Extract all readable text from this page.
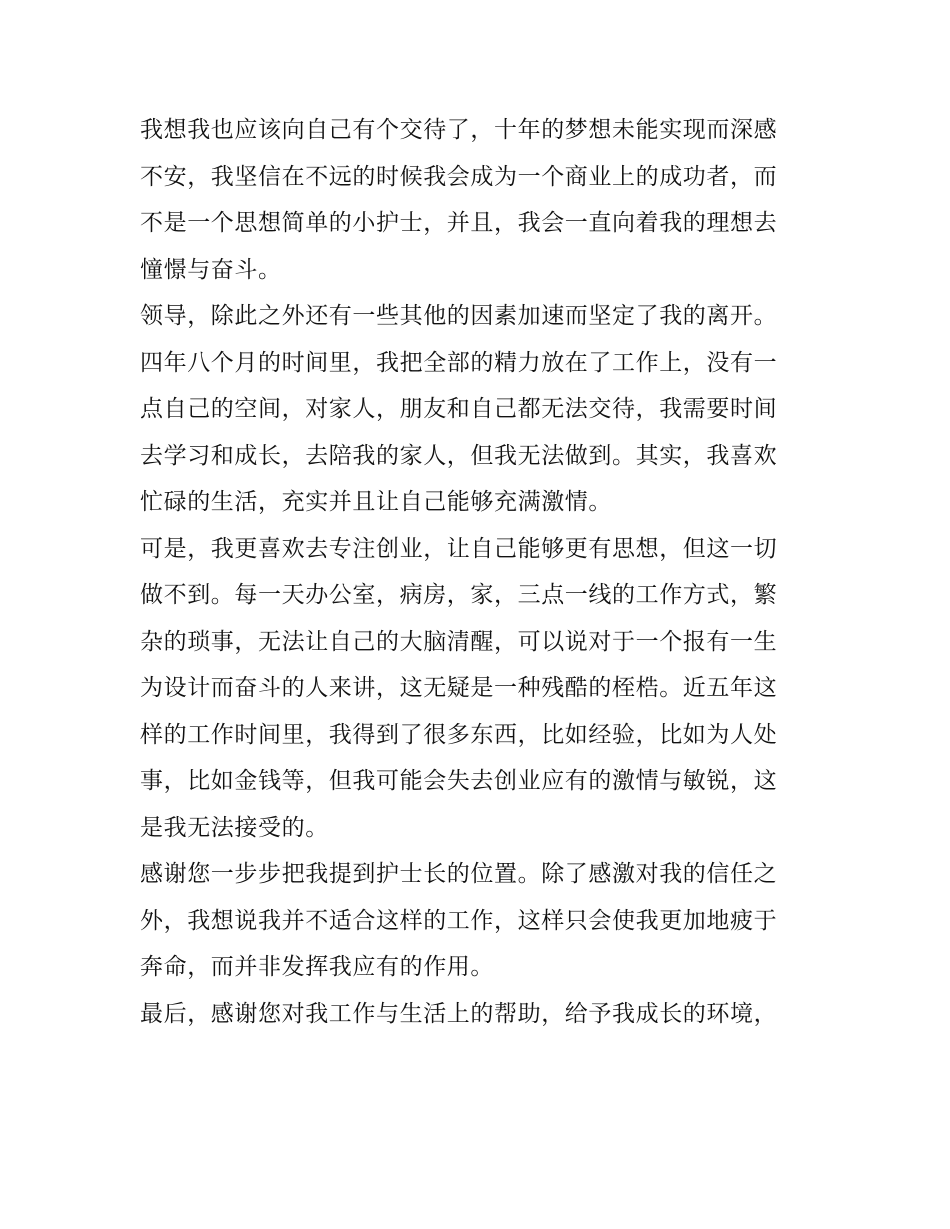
我想我也应该向自己有个交待了，十年的梦想未能实现而深感
不安，我坚信在不远的时候我会成为一个商业上的成功者，而
不是一个思想简单的小护士，并且，我会一直向着我的理想去
憧憬与奋斗。

领导，除此之外还有一些其他的因素加速而坚定了我的离开。
四年八个月的时间里，我把全部的精力放在了工作上，没有一
点自己的空间，对家人，朋友和自己都无法交待，我需要时间
去学习和成长，去陪我的家人，但我无法做到。其实，我喜欢
忙碌的生活，充实并且让自己能够充满激情。

可是，我更喜欢去专注创业，让自己能够更有思想，但这一切
做不到。每一天办公室，病房，家，三点一线的工作方式，繁
杂的琐事，无法让自己的大脑清醒，可以说对于一个报有一生
为设计而奋斗的人来讲，这无疑是一种残酷的桎梏。近五年这
样的工作时间里，我得到了很多东西，比如经验，比如为人处
事，比如金钱等，但我可能会失去创业应有的激情与敏锐，这
是我无法接受的。

感谢您一步步把我提到护士长的位置。除了感激对我的信任之
外，我想说我并不适合这样的工作，这样只会使我更加地疲于
奔命，而并非发挥我应有的作用。

最后，感谢您对我工作与生活上的帮助，给予我成长的环境，
